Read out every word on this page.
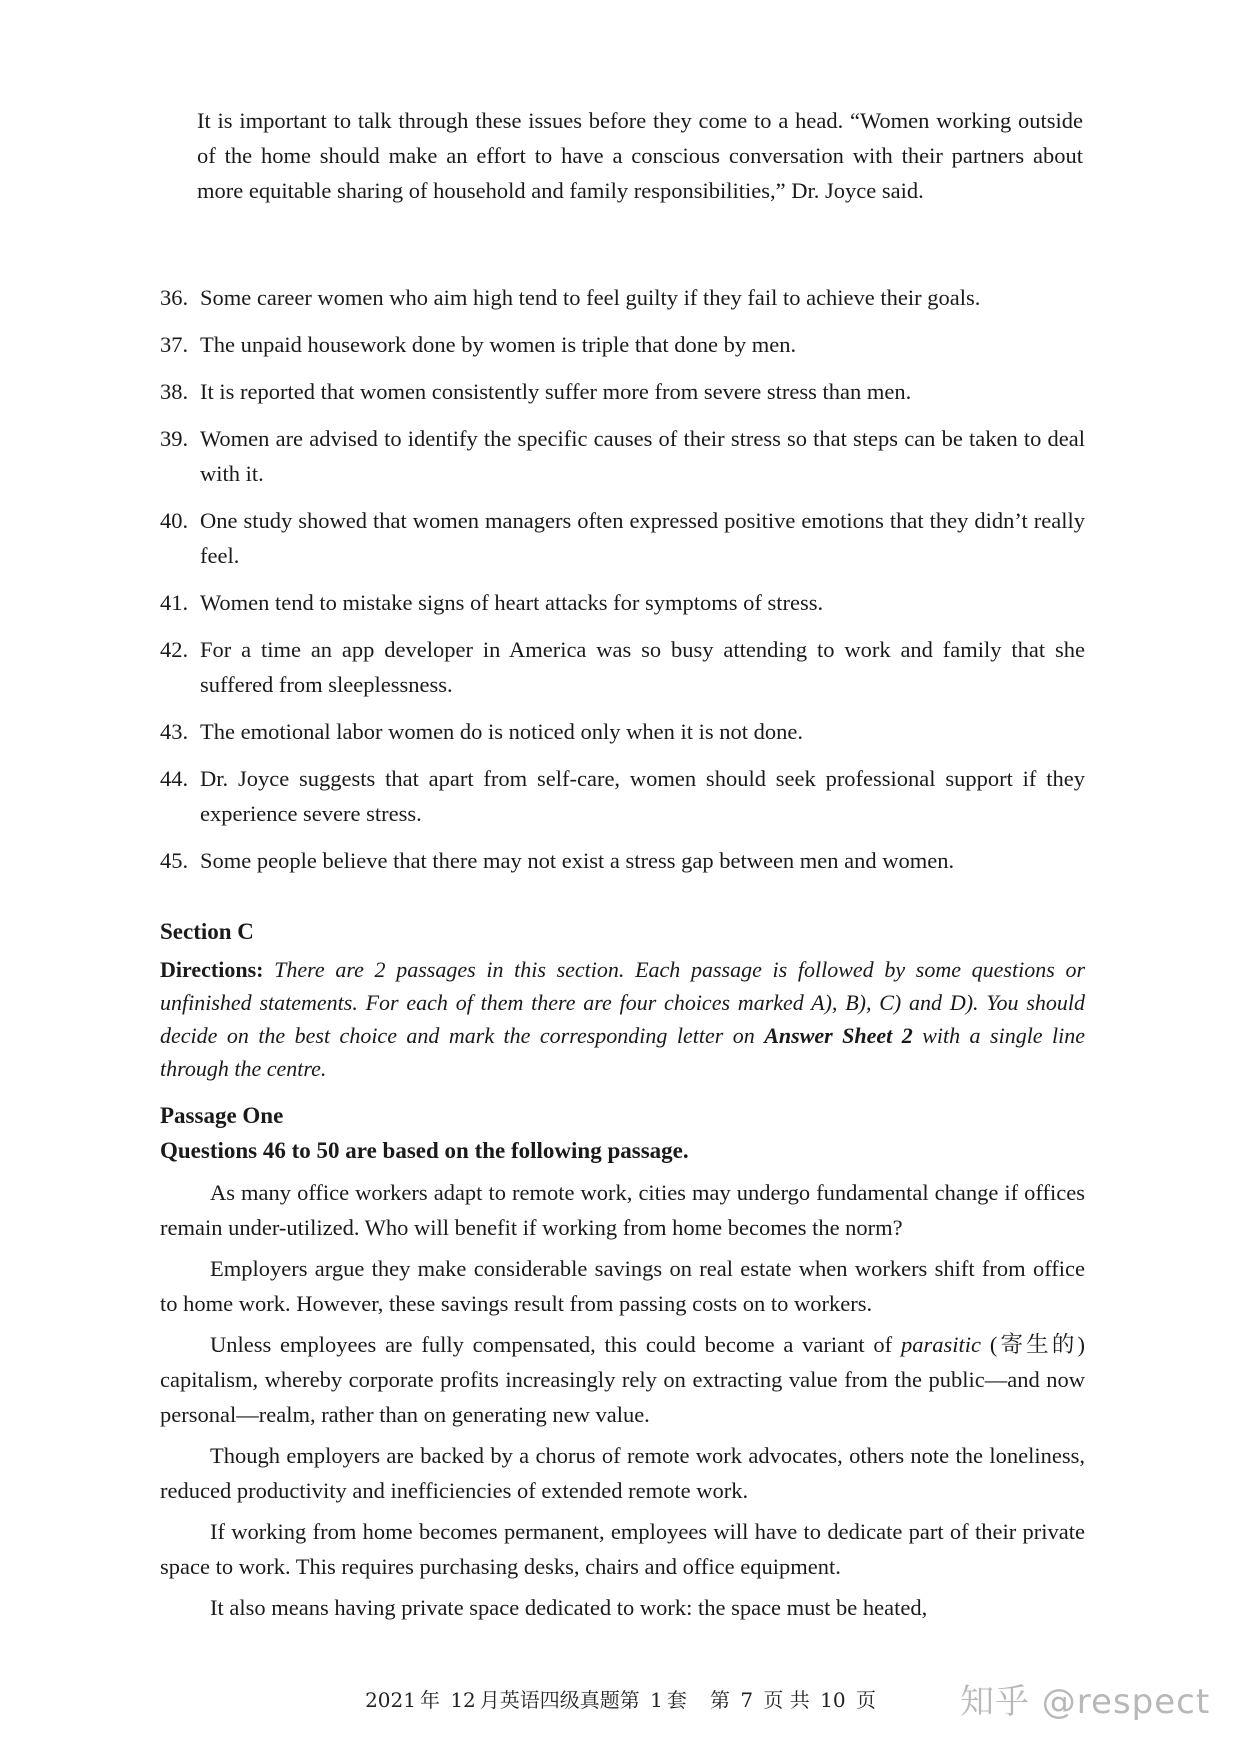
It is important to talk through these issues before they come to a head. “Women working outside of the home should make an effort to have a conscious conversation with their partners about more equitable sharing of household and family responsibilities,” Dr. Joyce said.
36. Some career women who aim high tend to feel guilty if they fail to achieve their goals.
37. The unpaid housework done by women is triple that done by men.
38. It is reported that women consistently suffer more from severe stress than men.
39. Women are advised to identify the specific causes of their stress so that steps can be taken to deal with it.
40. One study showed that women managers often expressed positive emotions that they didn’t really feel.
41. Women tend to mistake signs of heart attacks for symptoms of stress.
42. For a time an app developer in America was so busy attending to work and family that she suffered from sleeplessness.
43. The emotional labor women do is noticed only when it is not done.
44. Dr. Joyce suggests that apart from self-care, women should seek professional support if they experience severe stress.
45. Some people believe that there may not exist a stress gap between men and women.
Section C
Directions: There are 2 passages in this section. Each passage is followed by some questions or unfinished statements. For each of them there are four choices marked A), B), C) and D). You should decide on the best choice and mark the corresponding letter on Answer Sheet 2 with a single line through the centre.
Passage One
Questions 46 to 50 are based on the following passage.
As many office workers adapt to remote work, cities may undergo fundamental change if offices remain under-utilized. Who will benefit if working from home becomes the norm?
Employers argue they make considerable savings on real estate when workers shift from office to home work. However, these savings result from passing costs on to workers.
Unless employees are fully compensated, this could become a variant of parasitic (寄生的) capitalism, whereby corporate profits increasingly rely on extracting value from the public—and now personal—realm, rather than on generating new value.
Though employers are backed by a chorus of remote work advocates, others note the loneliness, reduced productivity and inefficiencies of extended remote work.
If working from home becomes permanent, employees will have to dedicate part of their private space to work. This requires purchasing desks, chairs and office equipment.
It also means having private space dedicated to work: the space must be heated,
2021 年 12 月英语四级真题第 1 套 第 7 页 共 10 页	知乎 @respect
